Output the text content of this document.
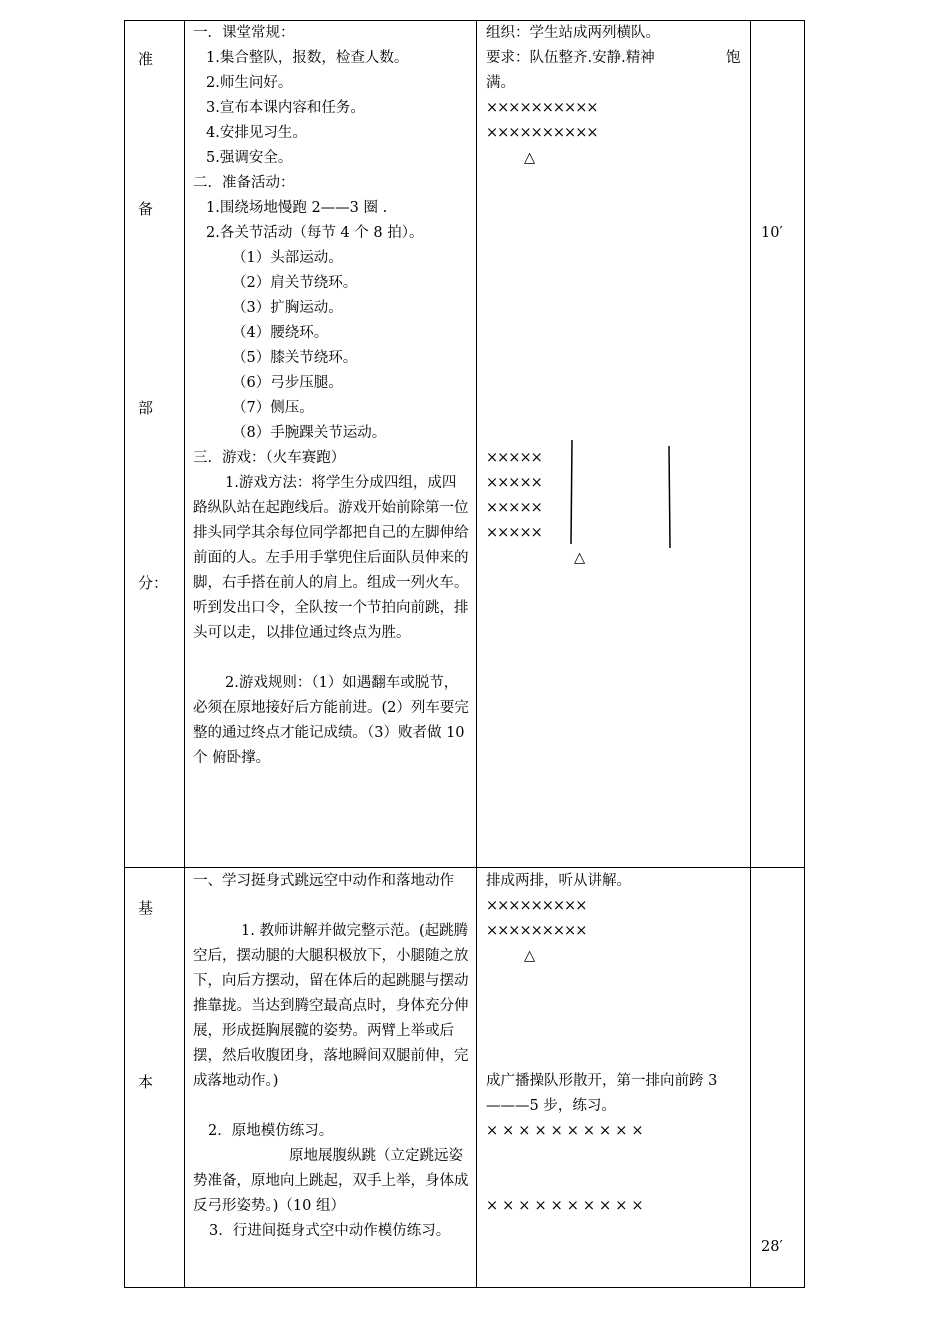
准
备
部
分：
一．课堂常规：
1.集合整队，报数，检查人数。
2.师生问好。
3.宣布本课内容和任务。
4.安排见习生。
5.强调安全。
二．准备活动：
1.围绕场地慢跑 2——3 圈 .
2.各关节活动（每节 4 个 8 拍）。
（1）头部运动。
（2）肩关节绕环。
（3）扩胸运动。
（4）腰绕环。
（5）膝关节绕环。
（6）弓步压腿。
（7）侧压。
（8）手腕踝关节运动。
三．游戏：（火车赛跑）
1.游戏方法：将学生分成四组，成四路纵队站在起跑线后。游戏开始前除第一位排头同学其余每位同学都把自己的左脚伸给前面的人。左手用手掌兜住后面队员伸来的脚，右手搭在前人的肩上。组成一列火车。听到发出口令，全队按一个节拍向前跳，排头可以走，以排位通过终点为胜。
2.游戏规则：（1）如遇翻车或脱节，必须在原地接好后方能前进。(2）列车要完整的通过终点才能记成绩。（3）败者做 10 个 俯卧撑。
组织：学生站成两列横队。
要求：队伍整齐.安静.精神	饱
满。
××××××××××
××××××××××
△
×××××
×××××
×××××
×××××
△
10′
基
本
一、学习挺身式跳远空中动作和落地动作
1. 教师讲解并做完整示范。(起跳腾空后，摆动腿的大腿积极放下，小腿随之放下，向后方摆动，留在体后的起跳腿与摆动推靠拢。当达到腾空最高点时，身体充分伸展，形成挺胸展髋的姿势。两臂上举或后摆，然后收腹团身，落地瞬间双腿前伸，完成落地动作。)
2．原地模仿练习。
原地展腹纵跳（立定跳远姿势准备，原地向上跳起，双手上举，身体成反弓形姿势。)（10 组）
3．行进间挺身式空中动作模仿练习。
排成两排，听从讲解。
×××××××××
×××××××××
△
成广播操队形散开，第一排向前跨 3———5 步，练习。
××××××××××
××××××××××
28′
